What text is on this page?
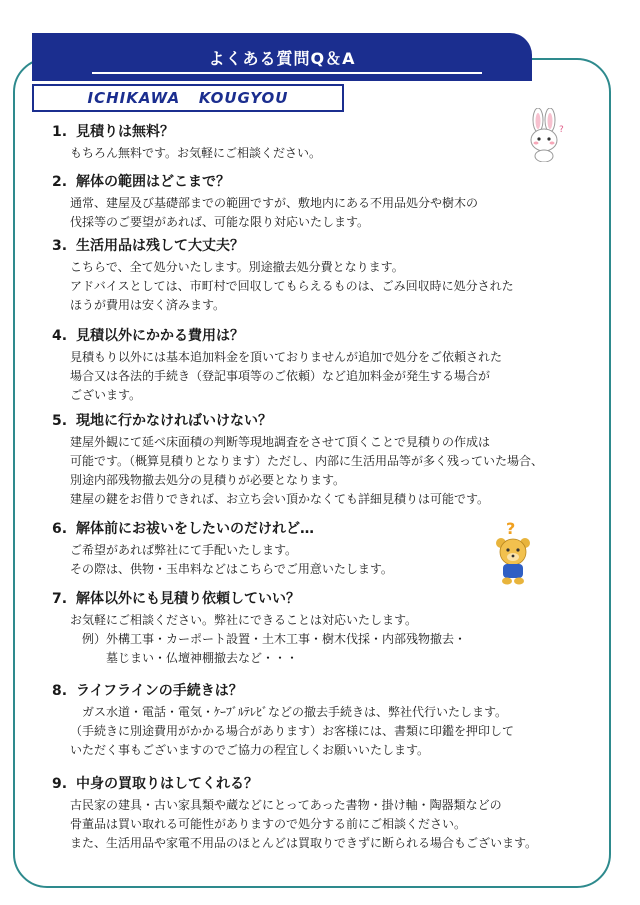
よくある質問Q＆A
ICHIKAWA   KOUGYOU
?
?

1. 見積りは無料？

もちろん無料です。お気軽にご相談ください。

2. 解体の範囲はどこまで？

通常、建屋及び基礎部までの範囲ですが、敷地内にある不用品処分や樹木の
伐採等のご要望があれば、可能な限り対応いたします。

3. 生活用品は残して大丈夫？

こちらで、全て処分いたします。別途撤去処分費となります。
アドバイスとしては、市町村で回収してもらえるものは、ごみ回収時に処分された
ほうが費用は安く済みます。

4. 見積以外にかかる費用は？

見積もり以外には基本追加料金を頂いておりませんが追加で処分をご依頼された
場合又は各法的手続き（登記事項等のご依頼）など追加料金が発生する場合が
ございます。

5. 現地に行かなければいけない？

建屋外観にて延べ床面積の判断等現地調査をさせて頂くことで見積りの作成は
可能です。（概算見積りとなります）ただし、内部に生活用品等が多く残っていた場合、
別途内部残物撤去処分の見積りが必要となります。
建屋の鍵をお借りできれば、お立ち会い頂かなくても詳細見積りは可能です。

6. 解体前にお祓いをしたいのだけれど…

ご希望があれば弊社にて手配いたします。
その際は、供物・玉串料などはこちらでご用意いたします。

7. 解体以外にも見積り依頼していい？

お気軽にご相談ください。弊社にできることは対応いたします。
　例）外構工事・カーポート設置・土木工事・樹木伐採・内部残物撤去・
　　　墓じまい・仏壇神棚撤去など・・・

8. ライフラインの手続きは？

　ガス水道・電話・電気・ｹｰﾌﾞﾙﾃﾚﾋﾞなどの撤去手続きは、弊社代行いたします。
（手続きに別途費用がかかる場合があります）お客様には、書類に印鑑を押印して
いただく事もございますのでご協力の程宜しくお願いいたします。

9. 中身の買取りはしてくれる？

古民家の建具・古い家具類や蔵などにとってあった書物・掛け軸・陶器類などの
骨董品は買い取れる可能性がありますので処分する前にご相談ください。
また、生活用品や家電不用品のほとんどは買取りできずに断られる場合もございます。
